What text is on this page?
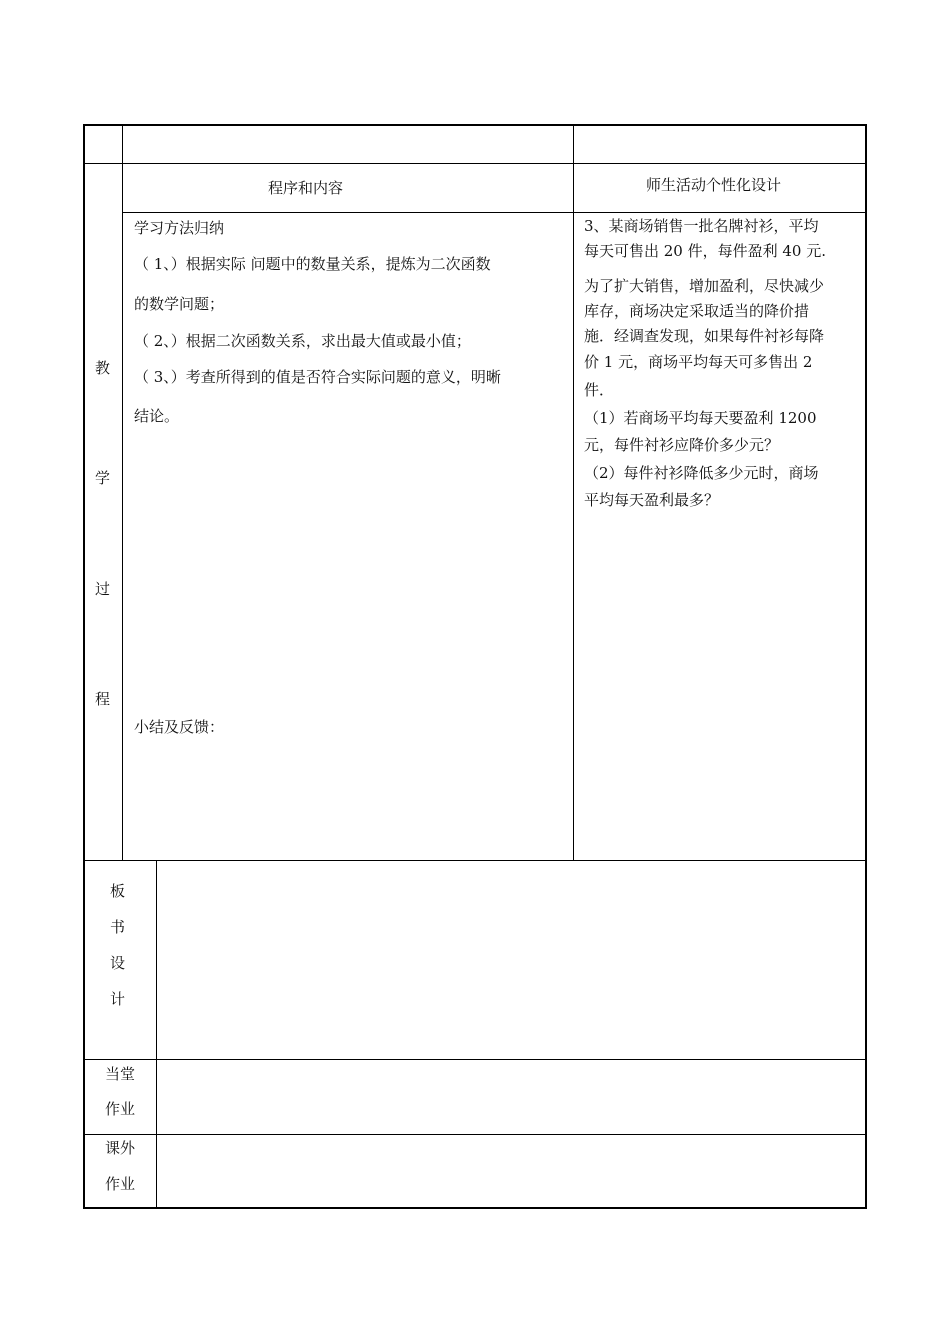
教
学
过
程
程序和内容	师生活动个性化设计
学习方法归纳
（ 1、）根据实际 问题中的数量关系，提炼为二次函数
的数学问题；
（ 2、）根据二次函数关系，求出最大值或最小值；
（ 3、）考查所得到的值是否符合实际问题的意义，明晰
结论。
小结及反馈：
3、某商场销售一批名牌衬衫，平均
每天可售出 20 件，每件盈利 40 元.
为了扩大销售，增加盈利，尽快减少
库存，商场决定采取适当的降价措
施．经调查发现，如果每件衬衫每降
价 1 元，商场平均每天可多售出 2
件．
（1）若商场平均每天要盈利 1200
元，每件衬衫应降价多少元？
（2）每件衬衫降低多少元时，商场
平均每天盈利最多？
板
书
设
计
当堂
作业
课外
作业
